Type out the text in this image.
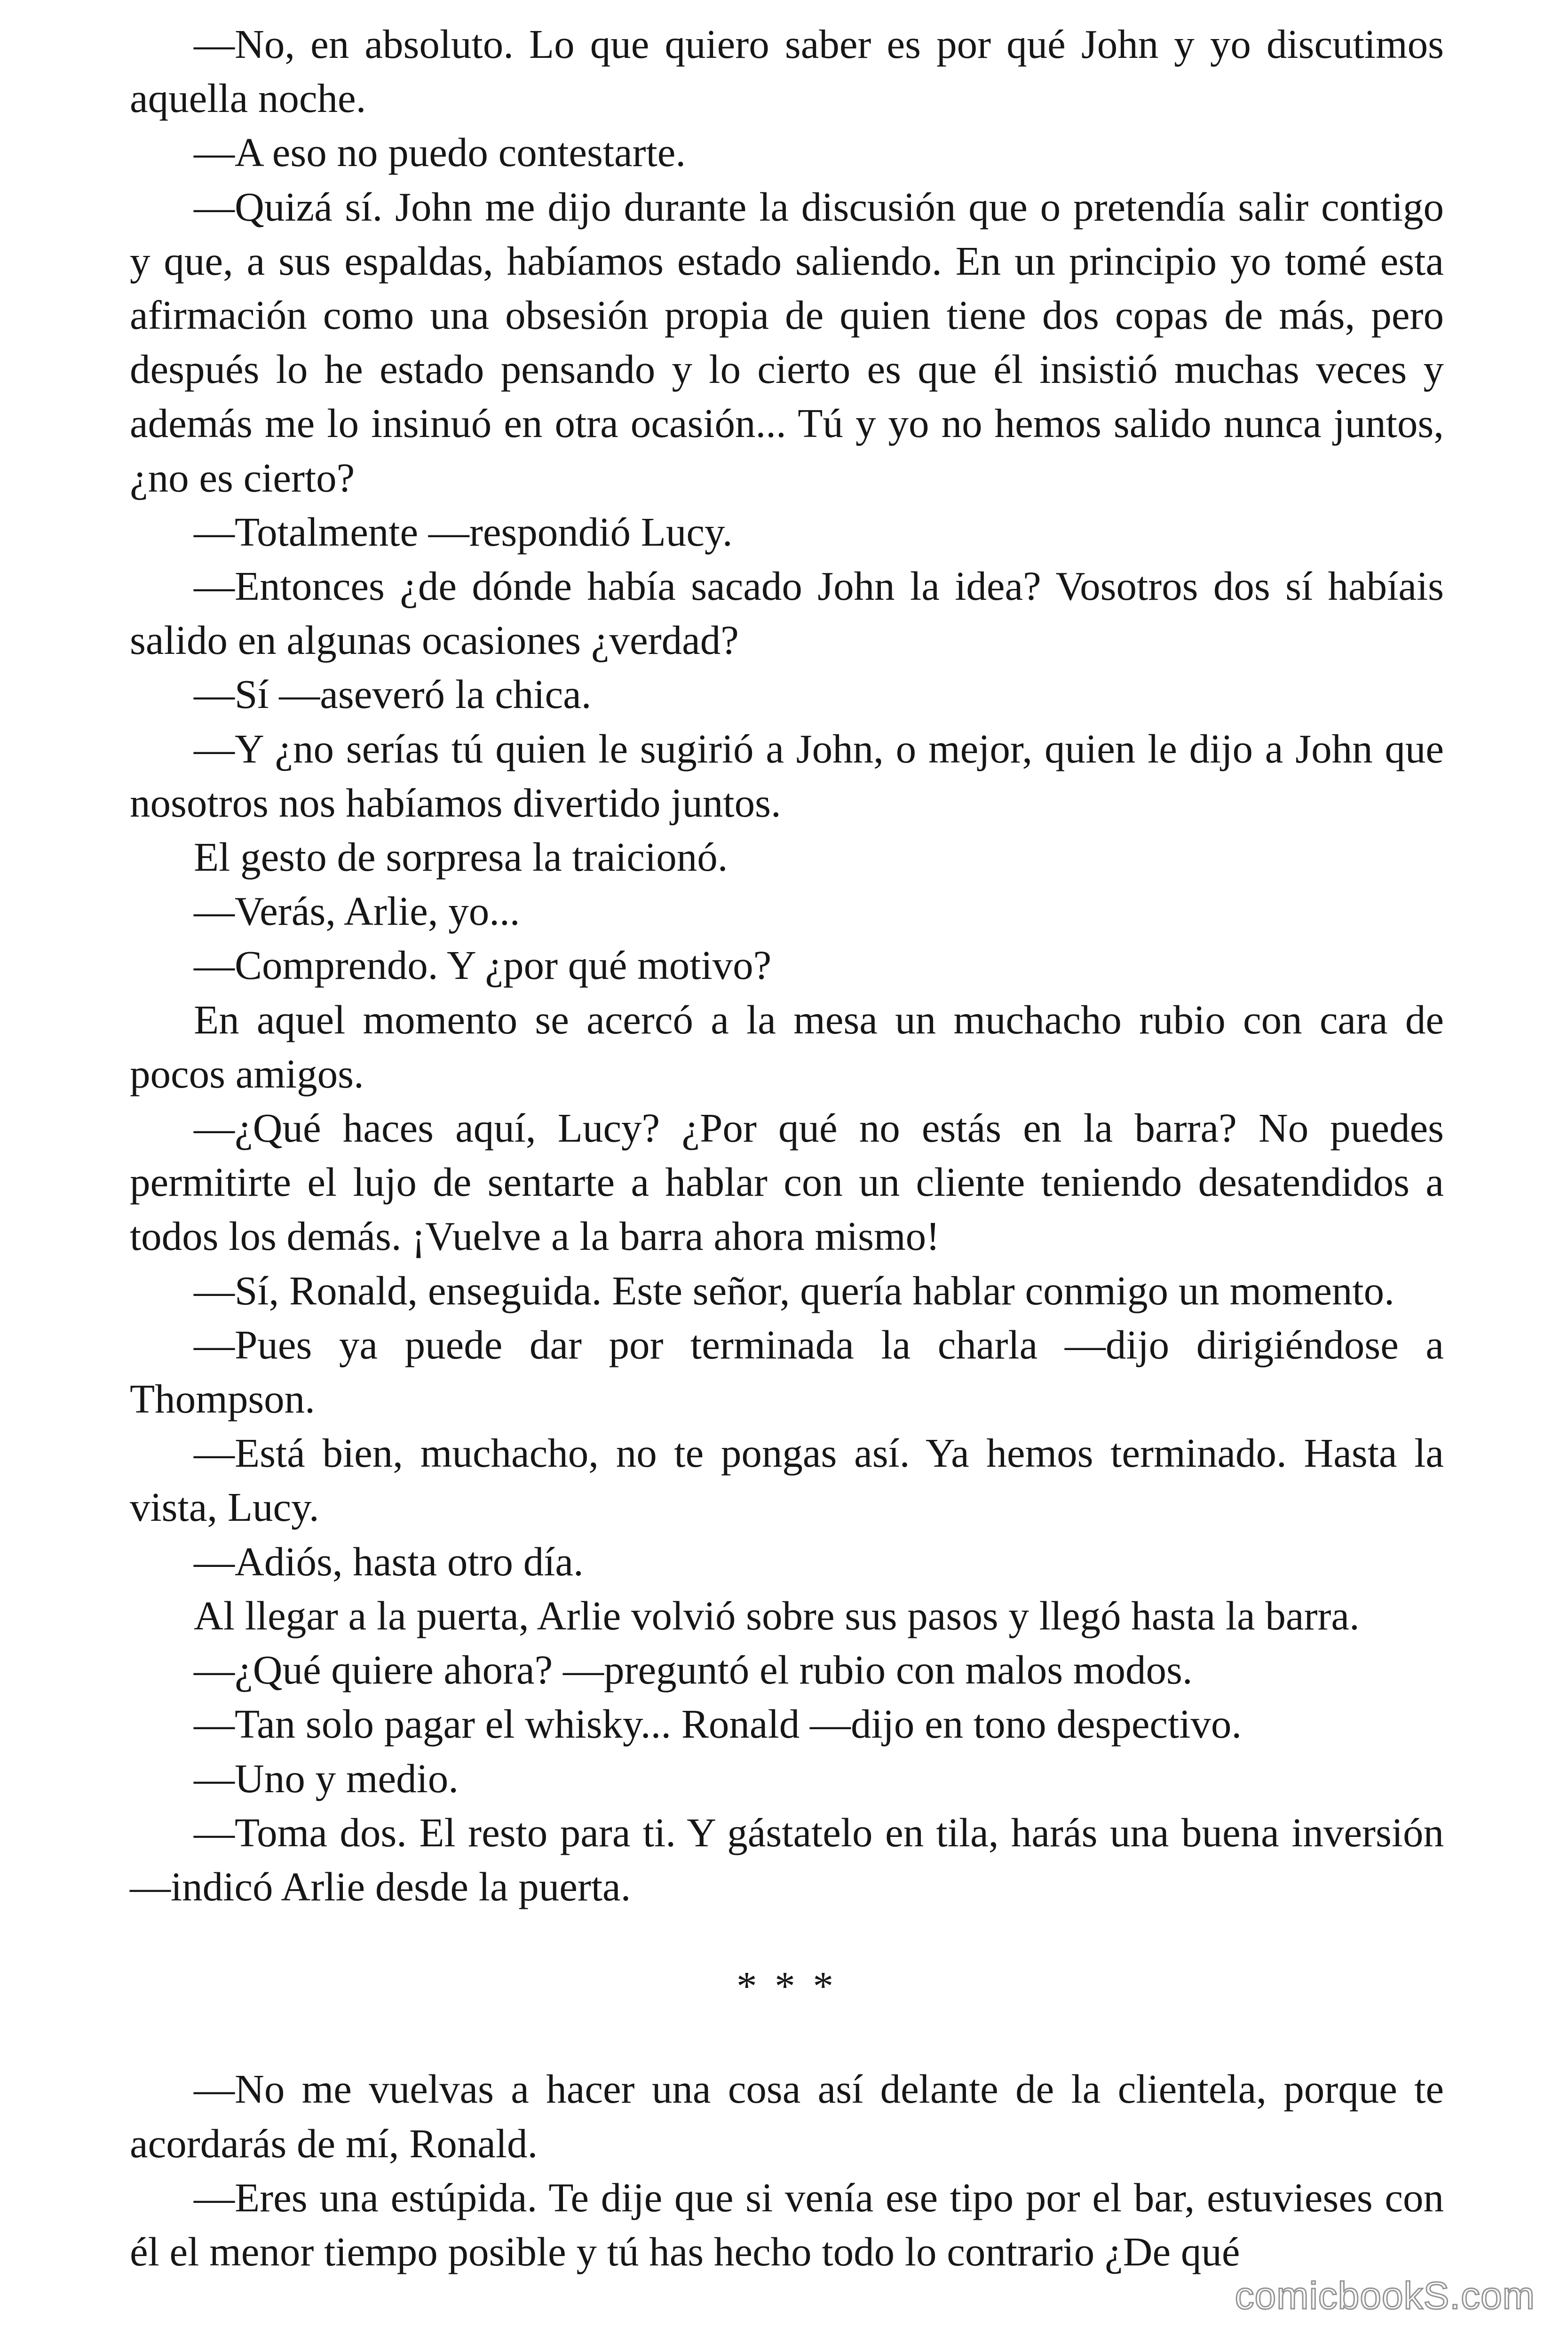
—No, en absoluto. Lo que quiero saber es por qué John y yo discutimos aquella noche.

—A eso no puedo contestarte.

—Quizá sí. John me dijo durante la discusión que o pretendía salir contigo y que, a sus espaldas, habíamos estado saliendo. En un principio yo tomé esta afirmación como una obsesión propia de quien tiene dos copas de más, pero después lo he estado pensando y lo cierto es que él insistió muchas veces y además me lo insinuó en otra ocasión... Tú y yo no hemos salido nunca juntos, ¿no es cierto?

—Totalmente —respondió Lucy.

—Entonces ¿de dónde había sacado John la idea? Vosotros dos sí habíais salido en algunas ocasiones ¿verdad?

—Sí —aseveró la chica.

—Y ¿no serías tú quien le sugirió a John, o mejor, quien le dijo a John que nosotros nos habíamos divertido juntos.

El gesto de sorpresa la traicionó.

—Verás, Arlie, yo...

—Comprendo. Y ¿por qué motivo?

En aquel momento se acercó a la mesa un muchacho rubio con cara de pocos amigos.

—¿Qué haces aquí, Lucy? ¿Por qué no estás en la barra? No puedes permitirte el lujo de sentarte a hablar con un cliente teniendo desatendidos a todos los demás. ¡Vuelve a la barra ahora mismo!

—Sí, Ronald, enseguida. Este señor, quería hablar conmigo un momento.

—Pues ya puede dar por terminada la charla —dijo dirigiéndose a Thompson.

—Está bien, muchacho, no te pongas así. Ya hemos terminado. Hasta la vista, Lucy.

—Adiós, hasta otro día.

Al llegar a la puerta, Arlie volvió sobre sus pasos y llegó hasta la barra.

—¿Qué quiere ahora? —preguntó el rubio con malos modos.

—Tan solo pagar el whisky... Ronald —dijo en tono despectivo.

—Uno y medio.

—Toma dos. El resto para ti. Y gástatelo en tila, harás una buena inversión —indicó Arlie desde la puerta.

* * *

—No me vuelvas a hacer una cosa así delante de la clientela, porque te acordarás de mí, Ronald.

—Eres una estúpida. Te dije que si venía ese tipo por el bar, estuvieses con él el menor tiempo posible y tú has hecho todo lo contrario ¿De qué

comicbookS.com
